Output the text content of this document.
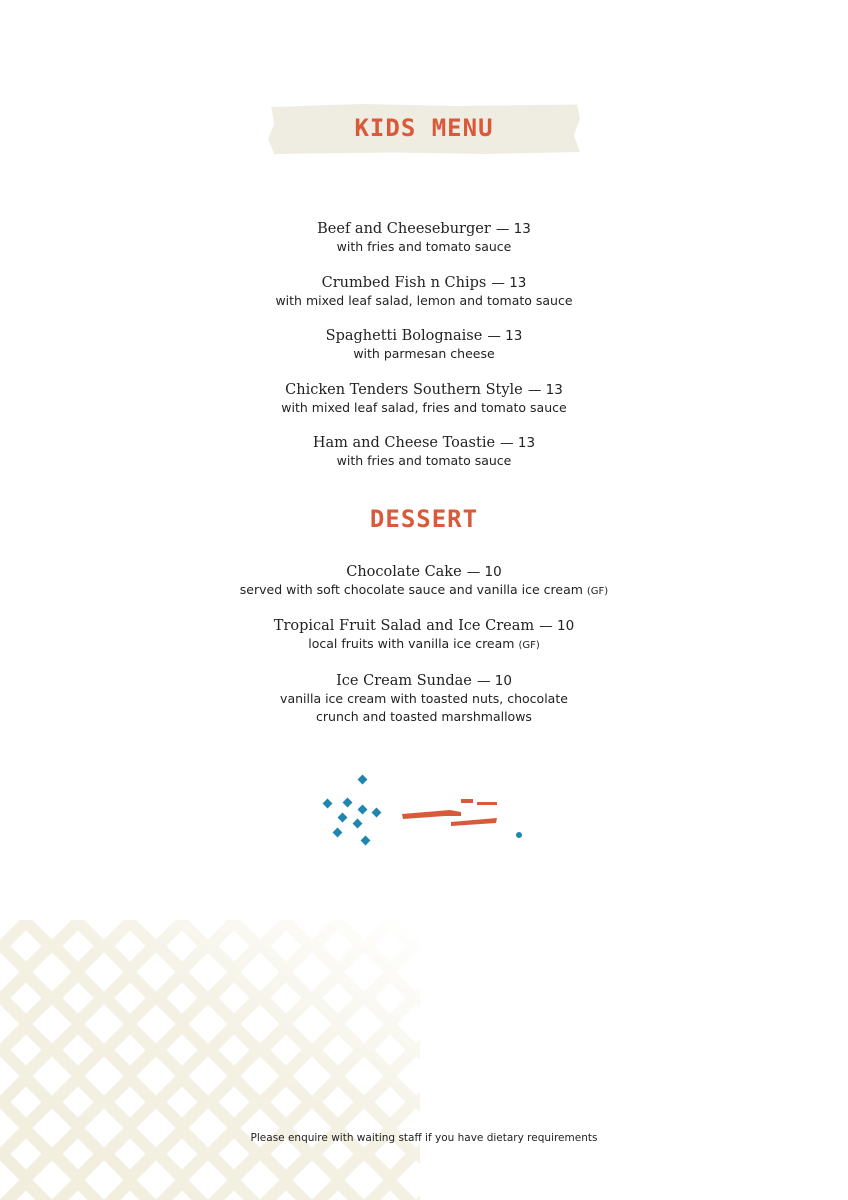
KIDS MENU
Beef and Cheeseburger — 13
with fries and tomato sauce
Crumbed Fish n Chips — 13
with mixed leaf salad, lemon and tomato sauce
Spaghetti Bolognaise — 13
with parmesan cheese
Chicken Tenders Southern Style — 13
with mixed leaf salad, fries and tomato sauce
Ham and Cheese Toastie — 13
with fries and tomato sauce
DESSERT
Chocolate Cake — 10
served with soft chocolate sauce and vanilla ice cream (GF)
Tropical Fruit Salad and Ice Cream — 10
local fruits with vanilla ice cream (GF)
Ice Cream Sundae — 10
vanilla ice cream with toasted nuts, chocolate
crunch and toasted marshmallows
Please enquire with waiting staff if you have dietary requirements
